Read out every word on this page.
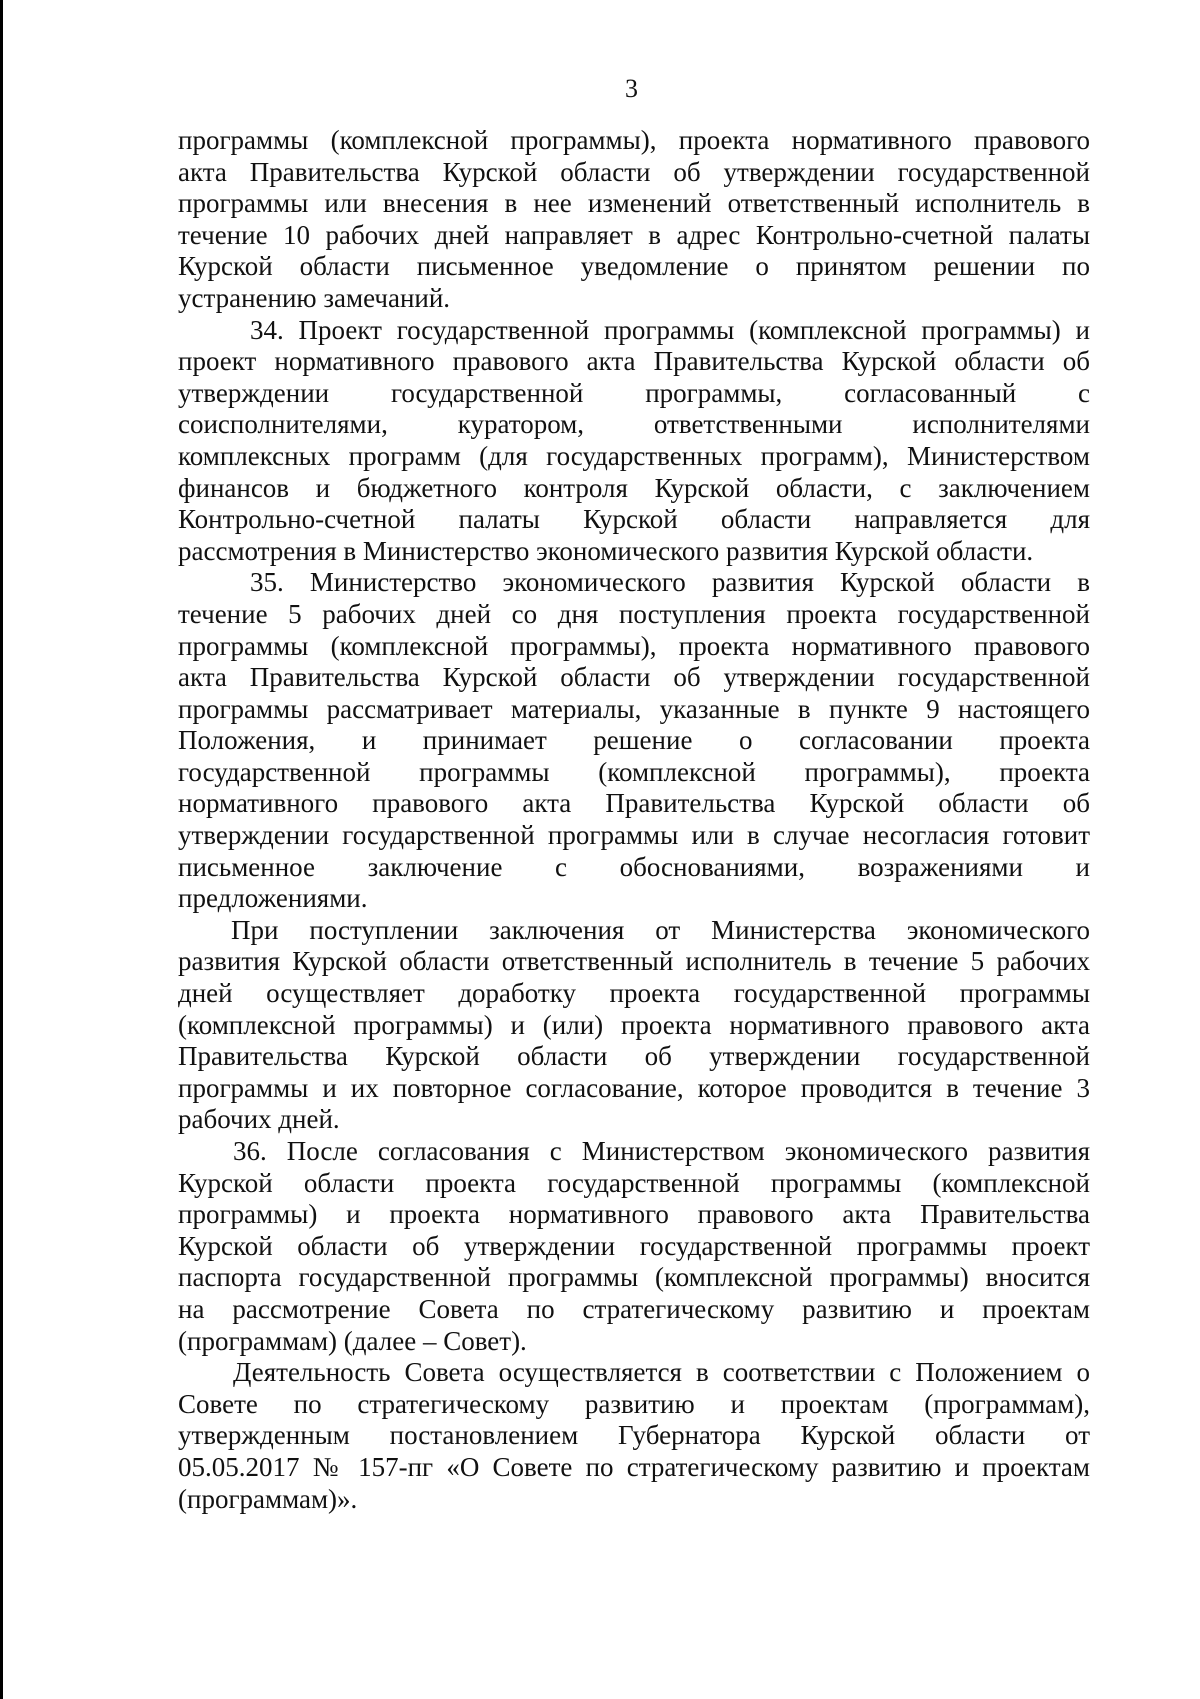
3
программы (комплексной программы), проекта нормативного правового
акта Правительства Курской области об утверждении государственной
программы или внесения в нее изменений ответственный исполнитель в
течение 10 рабочих дней направляет в адрес Контрольно-счетной палаты
Курской области письменное уведомление о принятом решении по
устранению замечаний.
34. Проект государственной программы (комплексной программы) и
проект нормативного правового акта Правительства Курской области об
утверждении государственной программы, согласованный с
соисполнителями, куратором, ответственными исполнителями
комплексных программ (для государственных программ), Министерством
финансов и бюджетного контроля Курской области, с заключением
Контрольно-счетной палаты Курской области направляется для
рассмотрения в Министерство экономического развития Курской области.
35. Министерство экономического развития Курской области в
течение 5 рабочих дней со дня поступления проекта государственной
программы (комплексной программы), проекта нормативного правового
акта Правительства Курской области об утверждении государственной
программы рассматривает материалы, указанные в пункте 9 настоящего
Положения, и принимает решение о согласовании проекта
государственной программы (комплексной программы), проекта
нормативного правового акта Правительства Курской области об
утверждении государственной программы или в случае несогласия готовит
письменное заключение с обоснованиями, возражениями и
предложениями.
При поступлении заключения от Министерства экономического
развития Курской области ответственный исполнитель в течение 5 рабочих
дней осуществляет доработку проекта государственной программы
(комплексной программы) и (или) проекта нормативного правового акта
Правительства Курской области об утверждении государственной
программы и их повторное согласование, которое проводится в течение 3
рабочих дней.
36. После согласования с Министерством экономического развития
Курской области проекта государственной программы (комплексной
программы) и проекта нормативного правового акта Правительства
Курской области об утверждении государственной программы проект
паспорта государственной программы (комплексной программы) вносится
на рассмотрение Совета по стратегическому развитию и проектам
(программам) (далее – Совет).
Деятельность Совета осуществляется в соответствии с Положением о
Совете по стратегическому развитию и проектам (программам),
утвержденным постановлением Губернатора Курской области от
05.05.2017 № 157-пг «О Совете по стратегическому развитию и проектам
(программам)».
